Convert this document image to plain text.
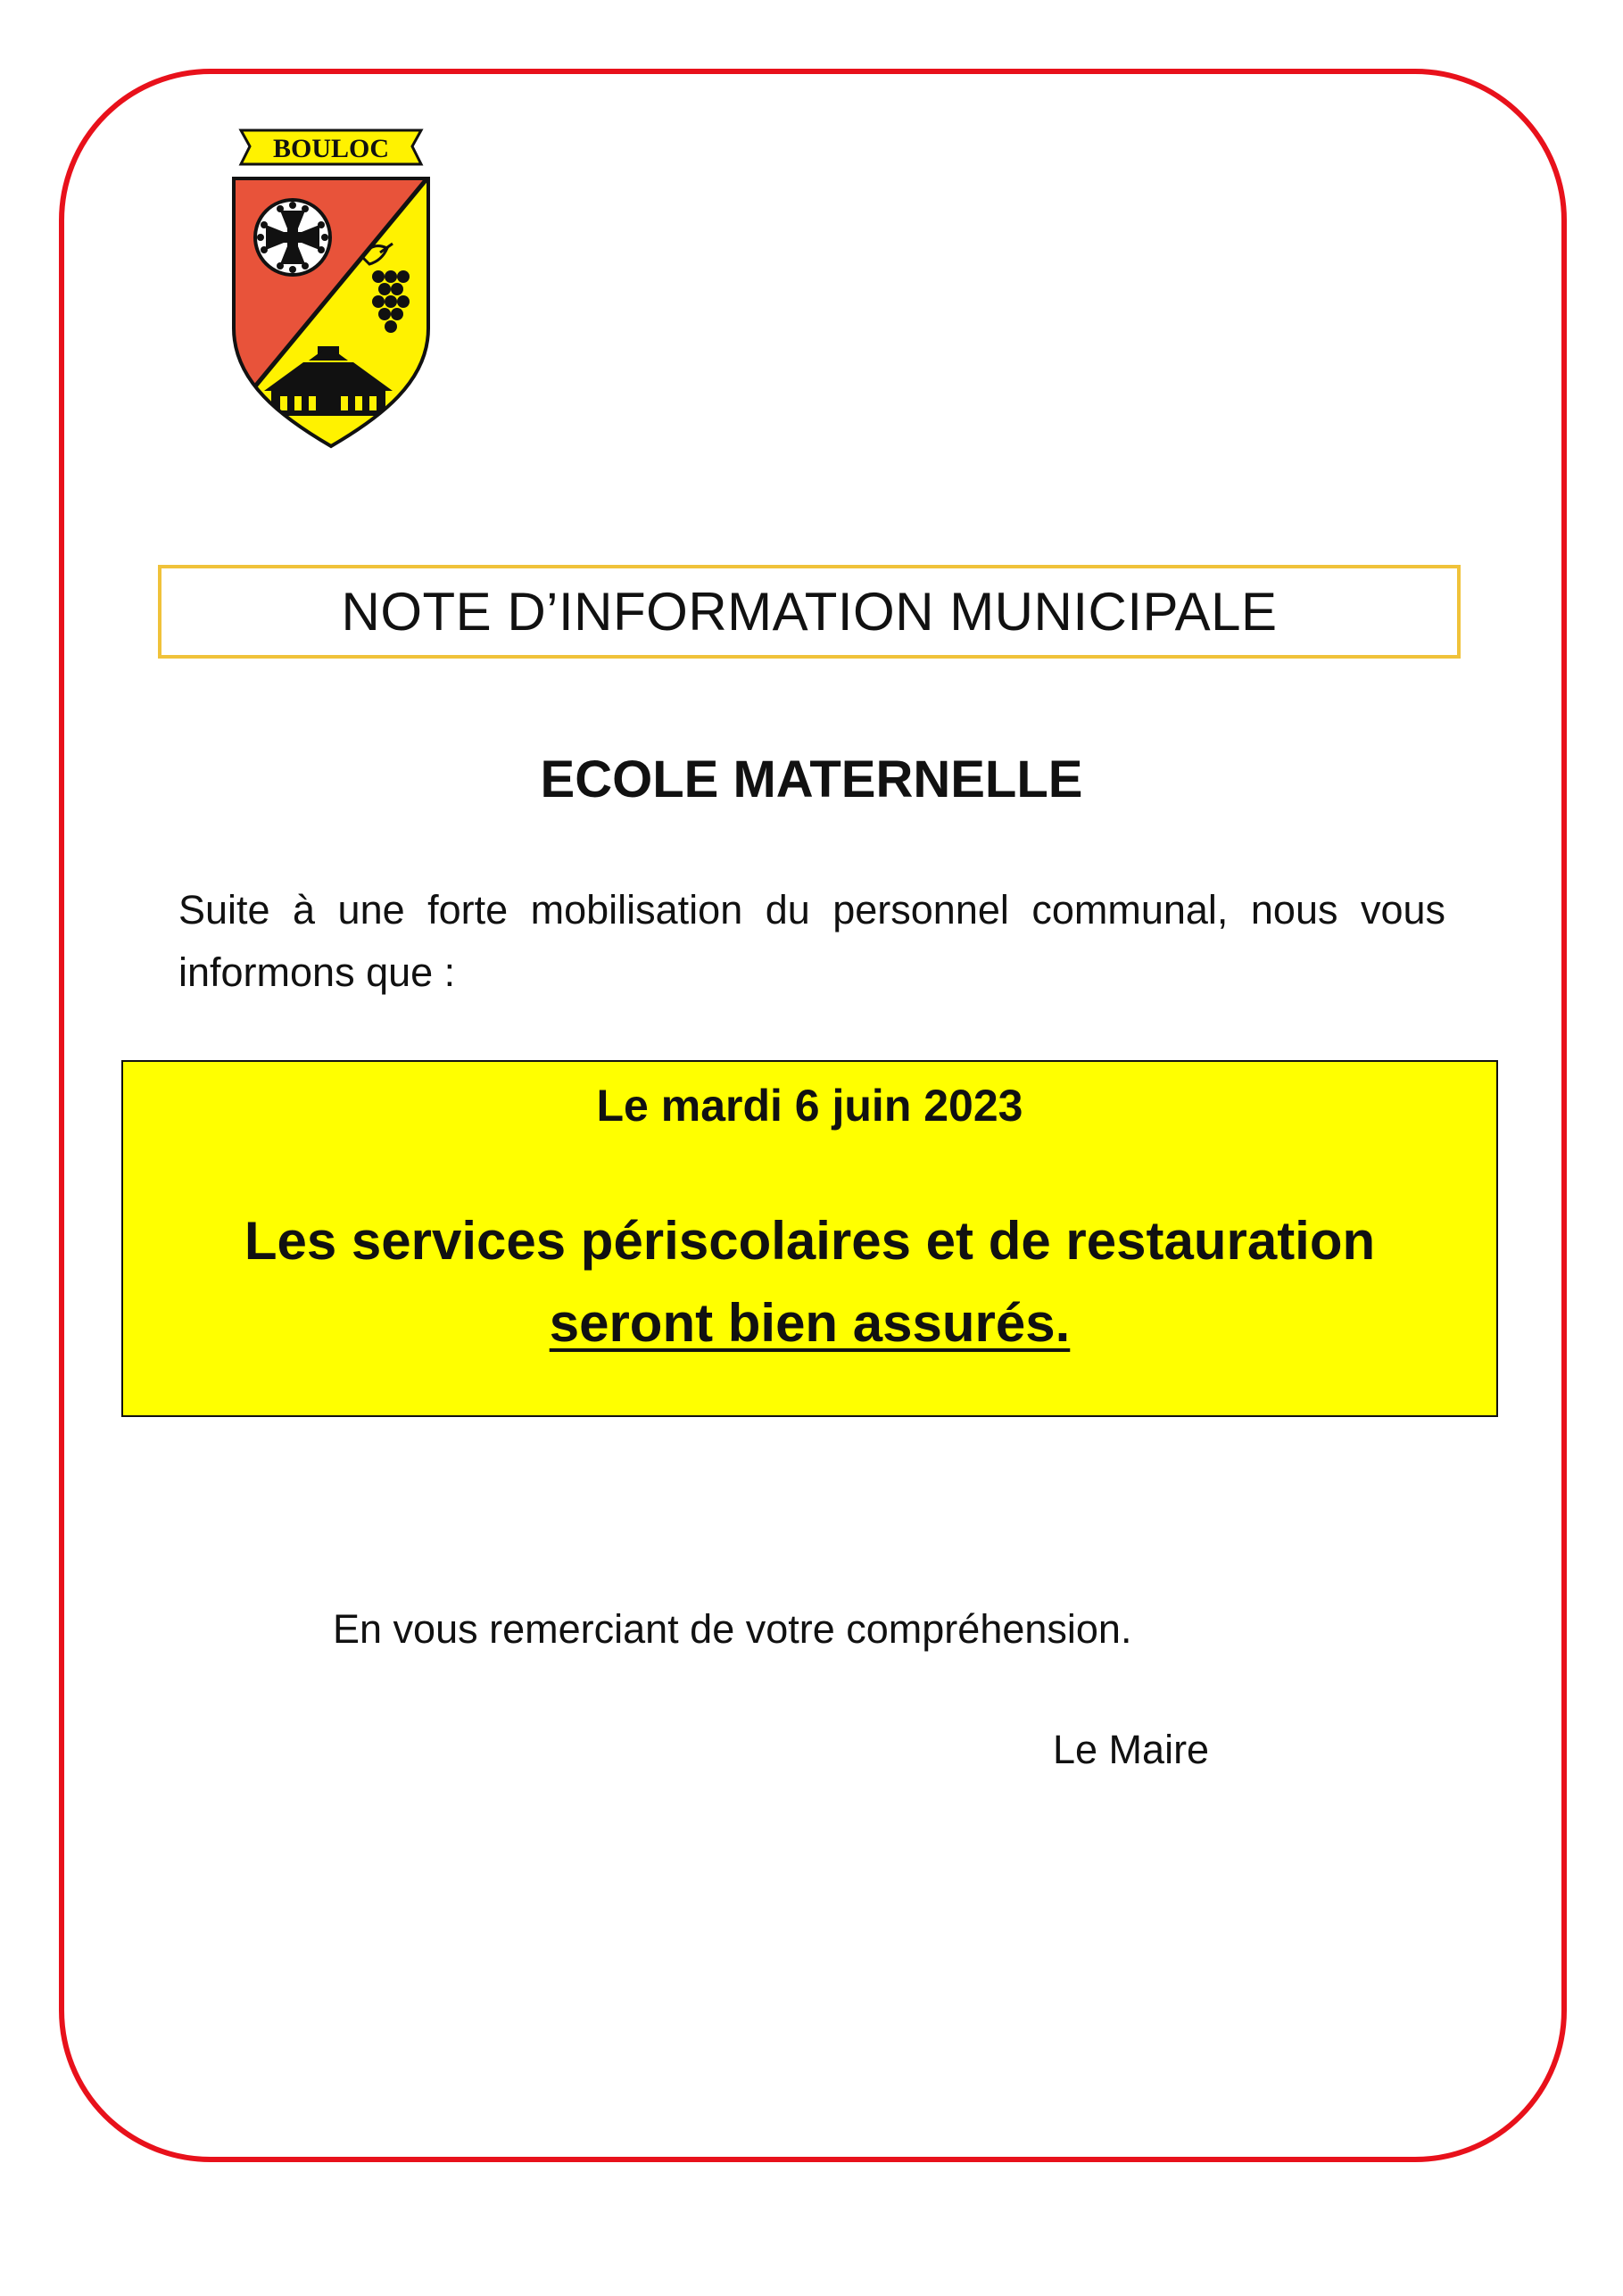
BOULOC
NOTE D’INFORMATION MUNICIPALE
ECOLE MATERNELLE
Suite à une forte mobilisation du personnel communal, nous vous informons que :
Le mardi 6 juin 2023
Les services périscolaires et de restauration
seront bien assurés.
En vous remerciant de votre compréhension.
Le Maire
